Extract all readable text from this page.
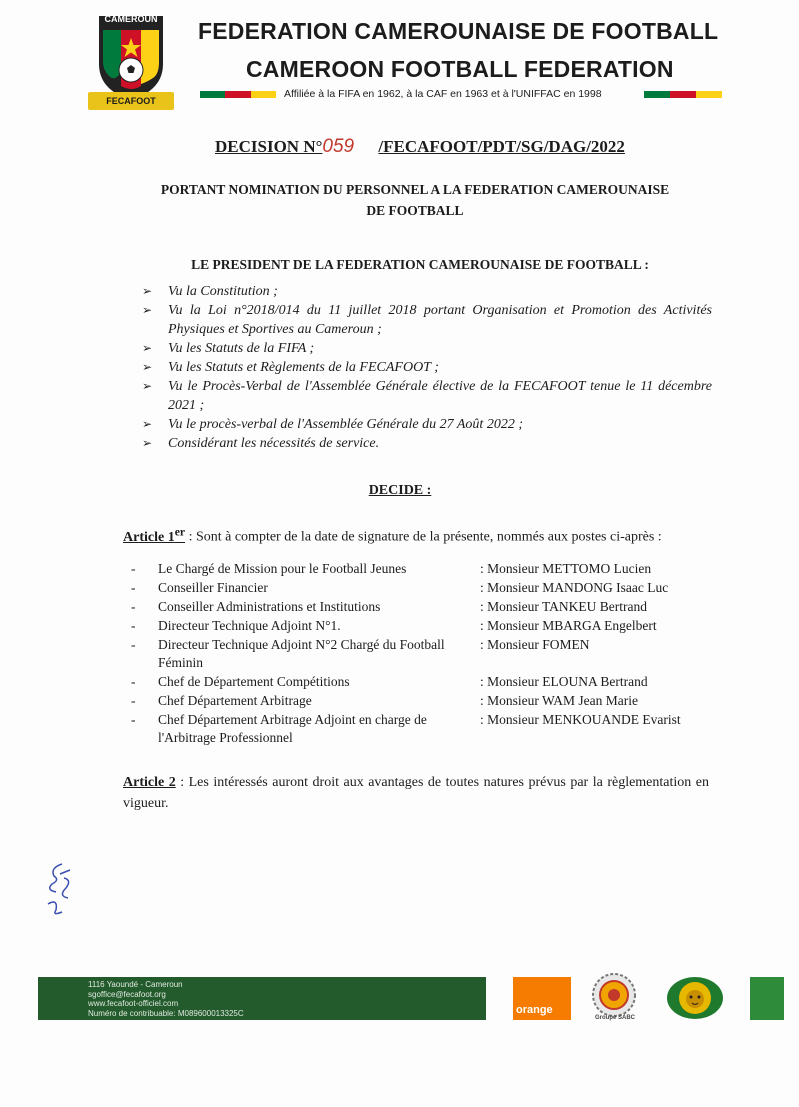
CAMEROUN
FECAFOOT
FEDERATION CAMEROUNAISE DE FOOTBALL
CAMEROON FOOTBALL FEDERATION
Affiliée à la FIFA en 1962, à la CAF en 1963 et à l'UNIFFAC en 1998
DECISION N°059 /FECAFOOT/PDT/SG/DAG/2022
PORTANT NOMINATION DU PERSONNEL A LA FEDERATION CAMEROUNAISE DE FOOTBALL
LE PRESIDENT DE LA FEDERATION CAMEROUNAISE DE FOOTBALL :
➢ Vu la Constitution ;
➢ Vu la Loi n°2018/014 du 11 juillet 2018 portant Organisation et Promotion des Activités Physiques et Sportives au Cameroun ;
➢ Vu les Statuts de la FIFA ;
➢ Vu les Statuts et Règlements de la FECAFOOT ;
➢ Vu le Procès-Verbal de l'Assemblée Générale élective de la FECAFOOT tenue le 11 décembre 2021 ;
➢ Vu le procès-verbal de l'Assemblée Générale du 27 Août 2022 ;
➢ Considérant les nécessités de service.
DECIDE :
Article 1er : Sont à compter de la date de signature de la présente, nommés aux postes ci-après :
-	Le Chargé de Mission pour le Football Jeunes	: Monsieur METTOMO Lucien
-	Conseiller Financier	: Monsieur MANDONG Isaac Luc
-	Conseiller Administrations et Institutions	: Monsieur TANKEU Bertrand
-	Directeur Technique Adjoint N°1.	: Monsieur MBARGA Engelbert
-	Directeur Technique Adjoint N°2 Chargé du Football Féminin
: Monsieur FOMEN
-	Chef de Département Compétitions	: Monsieur ELOUNA Bertrand
-	Chef Département Arbitrage	: Monsieur WAM Jean Marie
-	Chef Département Arbitrage Adjoint en charge de l'Arbitrage Professionnel
: Monsieur MENKOUANDE Evarist
Article 2 : Les intéressés auront droit aux avantages de toutes natures prévus par la règlementation en vigueur.
1116 Yaoundé - Cameroun
sgoffice@fecafoot.org
www.fecafoot-officiel.com
Numéro de contribuable: M089600013325C	orange
Groupe SABC
